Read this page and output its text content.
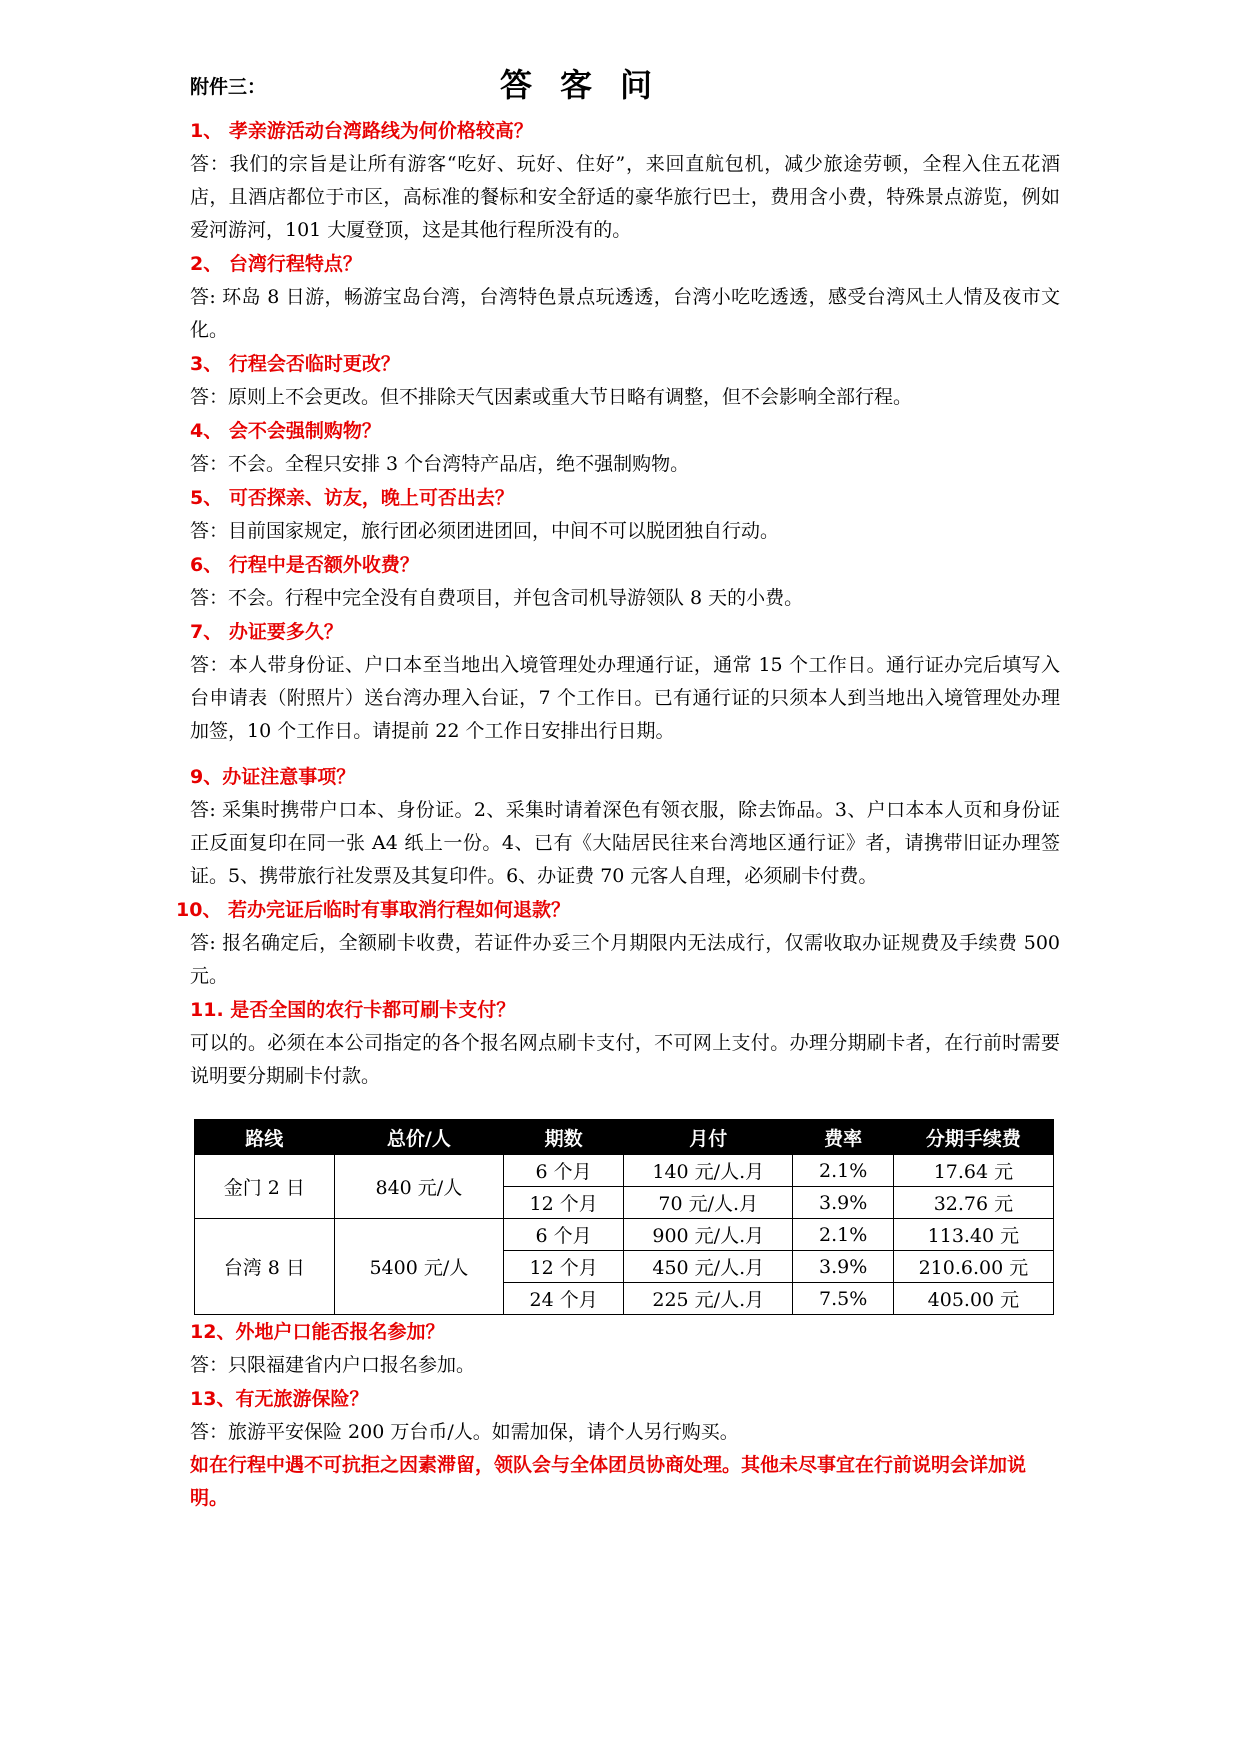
附件三：	答客问
1、 孝亲游活动台湾路线为何价格较高？
答：我们的宗旨是让所有游客“吃好、玩好、住好”，来回直航包机，减少旅途劳顿，全程入住五花酒店，且酒店都位于市区，高标准的餐标和安全舒适的豪华旅行巴士，费用含小费，特殊景点游览，例如爱河游河，101 大厦登顶，这是其他行程所没有的。
2、 台湾行程特点？
答: 环岛 8 日游，畅游宝岛台湾，台湾特色景点玩透透，台湾小吃吃透透，感受台湾风土人情及夜市文化。
3、 行程会否临时更改？
答：原则上不会更改。但不排除天气因素或重大节日略有调整，但不会影响全部行程。
4、 会不会强制购物？
答：不会。全程只安排 3 个台湾特产品店，绝不强制购物。
5、 可否探亲、访友，晚上可否出去？
答：目前国家规定，旅行团必须团进团回，中间不可以脱团独自行动。
6、 行程中是否额外收费？
答：不会。行程中完全没有自费项目，并包含司机导游领队 8 天的小费。
7、 办证要多久？
答：本人带身份证、户口本至当地出入境管理处办理通行证，通常 15 个工作日。通行证办完后填写入台申请表（附照片）送台湾办理入台证，7 个工作日。已有通行证的只须本人到当地出入境管理处办理加签，10 个工作日。请提前 22 个工作日安排出行日期。
9、办证注意事项？
答: 采集时携带户口本、身份证。2、采集时请着深色有领衣服，除去饰品。3、户口本本人页和身份证正反面复印在同一张 A4 纸上一份。4、已有《大陆居民往来台湾地区通行证》者，请携带旧证办理签证。5、携带旅行社发票及其复印件。6、办证费 70 元客人自理，必须刷卡付费。
10、 若办完证后临时有事取消行程如何退款？
答: 报名确定后，全额刷卡收费，若证件办妥三个月期限内无法成行，仅需收取办证规费及手续费 500 元。
11. 是否全国的农行卡都可刷卡支付？
可以的。必须在本公司指定的各个报名网点刷卡支付，不可网上支付。办理分期刷卡者，在行前时需要说明要分期刷卡付款。
路线	总价/人	期数	月付	费率	分期手续费
金门 2 日	840 元/人	6 个月	140 元/人.月	2.1%	17.64 元
		12 个月	70 元/人.月	3.9%	32.76 元
台湾 8 日	5400 元/人	6 个月	900 元/人.月	2.1%	113.40 元
		12 个月	450 元/人.月	3.9%	210.6.00 元
		24 个月	225 元/人.月	7.5%	405.00 元
12、外地户口能否报名参加？
答：只限福建省内户口报名参加。
13、有无旅游保险？
答：旅游平安保险 200 万台币/人。如需加保，请个人另行购买。
如在行程中遇不可抗拒之因素滞留，领队会与全体团员协商处理。其他未尽事宜在行前说明会详加说明。
